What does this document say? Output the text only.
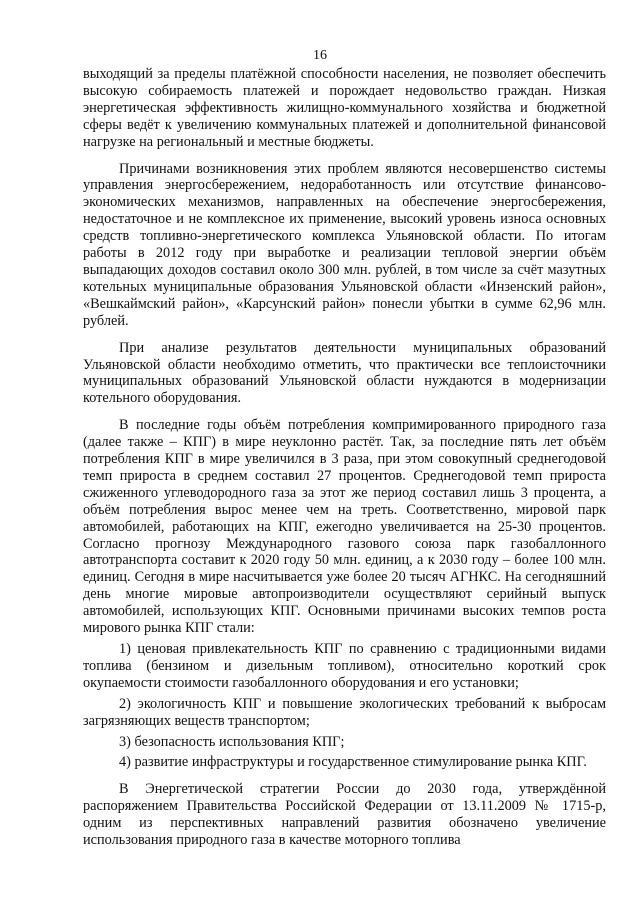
16

выходящий за пределы платёжной способности населения, не позволяет обеспечить высокую собираемость платежей и порождает недовольство граждан. Низкая энергетическая эффективность жилищно-коммунального хозяйства и бюджетной сферы ведёт к увеличению коммунальных платежей и дополнительной финансовой нагрузке на региональный и местные бюджеты.

Причинами возникновения этих проблем являются несовершенство системы управления энергосбережением, недоработанность или отсутствие финансово-экономических механизмов, направленных на обеспечение энергосбережения, недостаточное и не комплексное их применение, высокий уровень износа основных средств топливно-энергетического комплекса Ульяновской области. По итогам работы в 2012 году при выработке и реализации тепловой энергии объём выпадающих доходов составил около 300 млн. рублей, в том числе за счёт мазутных котельных муниципальные образования Ульяновской области «Инзенский район», «Вешкаймский район», «Карсунский район» понесли убытки в сумме 62,96 млн. рублей.

При анализе результатов деятельности муниципальных образований Ульяновской области необходимо отметить, что практически все теплоисточники муниципальных образований Ульяновской области нуждаются в модернизации котельного оборудования.

В последние годы объём потребления компримированного природного газа (далее также – КПГ) в мире неуклонно растёт. Так, за последние пять лет объём потребления КПГ в мире увеличился в 3 раза, при этом совокупный среднегодовой темп прироста в среднем составил 27 процентов. Среднегодовой темп прироста сжиженного углеводородного газа за этот же период составил лишь 3 процента, а объём потребления вырос менее чем на треть. Соответственно, мировой парк автомобилей, работающих на КПГ, ежегодно увеличивается на 25-30 процентов. Согласно прогнозу Международного газового союза парк газобаллонного автотранспорта составит к 2020 году 50 млн. единиц, а к 2030 году – более 100 млн. единиц. Сегодня в мире насчитывается уже более 20 тысяч АГНКС. На сегодняшний день многие мировые автопроизводители осуществляют серийный выпуск автомобилей, использующих КПГ. Основными причинами высоких темпов роста мирового рынка КПГ стали:

1) ценовая привлекательность КПГ по сравнению с традиционными видами топлива (бензином и дизельным топливом), относительно короткий срок окупаемости стоимости газобаллонного оборудования и его установки;

2) экологичность КПГ и повышение экологических требований к выбросам загрязняющих веществ транспортом;

3) безопасность использования КПГ;

4) развитие инфраструктуры и государственное стимулирование рынка КПГ.

В Энергетической стратегии России до 2030 года, утверждённой распоряжением Правительства Российской Федерации от 13.11.2009 № 1715-р, одним из перспективных направлений развития обозначено увеличение использования природного газа в качестве моторного топлива
